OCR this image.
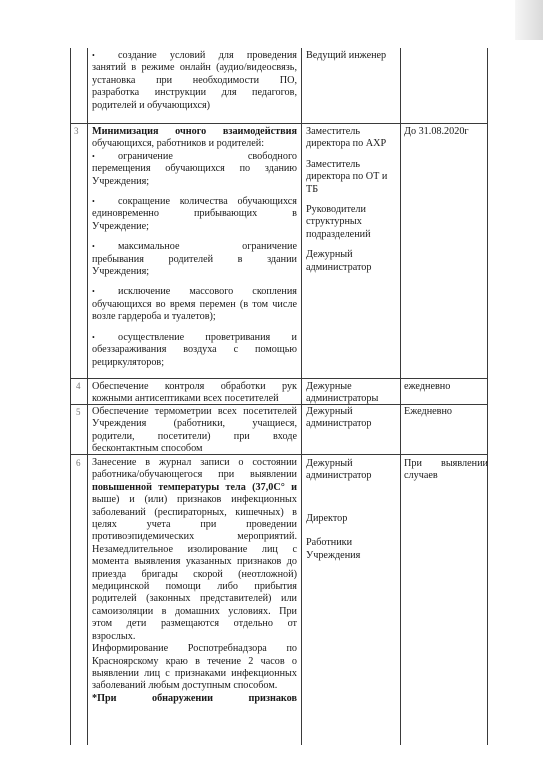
• создание условий для проведения

занятий в режиме онлайн (аудио/видеосвязь,

установка при необходимости ПО,

разработка инструкции для педагогов,

родителей и обучающихся)

Ведущий инженер

3 Минимизация очного взаимодействия

обучающихся, работников и родителей:

• ограничение свободного

перемещения обучающихся по зданию

Учреждения;

• сокращение количества обучающихся

единовременно прибывающих в

Учреждение;

• максимальное ограничение

пребывания родителей в здании

Учреждения;

• исключение массового скопления

обучающихся во время перемен (в том числе

возле гардероба и туалетов);

• осуществление проветривания и

обеззараживания воздуха с помощью

рециркуляторов;

Заместитель директора по АХР

Заместитель директора по ОТ и ТБ

Руководители структурных подразделений

Дежурный администратор

До 31.08.2020г

4 Обеспечение контроля обработки рук

кожными антисептиками всех посетителей

Дежурные администраторы

ежедневно

5 Обеспечение термометрии всех посетителей

Учреждения (работники, учащиеся,

родители, посетители) при входе

бесконтактным способом

Дежурный администратор

Ежедневно

6 Занесение в журнал записи о состоянии

работника/обучающегося при выявлении

повышенной температуры тела (37,0С° и

выше) и (или) признаков инфекционных

заболеваний (респираторных, кишечных) в

целях учета при проведении

противоэпидемических мероприятий.

Незамедлительное изолирование лиц с

момента выявления указанных признаков до

приезда бригады скорой (неотложной)

медицинской помощи либо прибытия

родителей (законных представителей) или

самоизоляции в домашних условиях. При

этом дети размещаются отдельно от

взрослых.

Информирование Роспотребнадзора по

Красноярскому краю в течение 2 часов о

выявлении лиц с признаками инфекционных

заболеваний любым доступным способом.

*При обнаружении признаков

Дежурный администратор

Директор

Работники Учреждения

При выявлении

случаев
